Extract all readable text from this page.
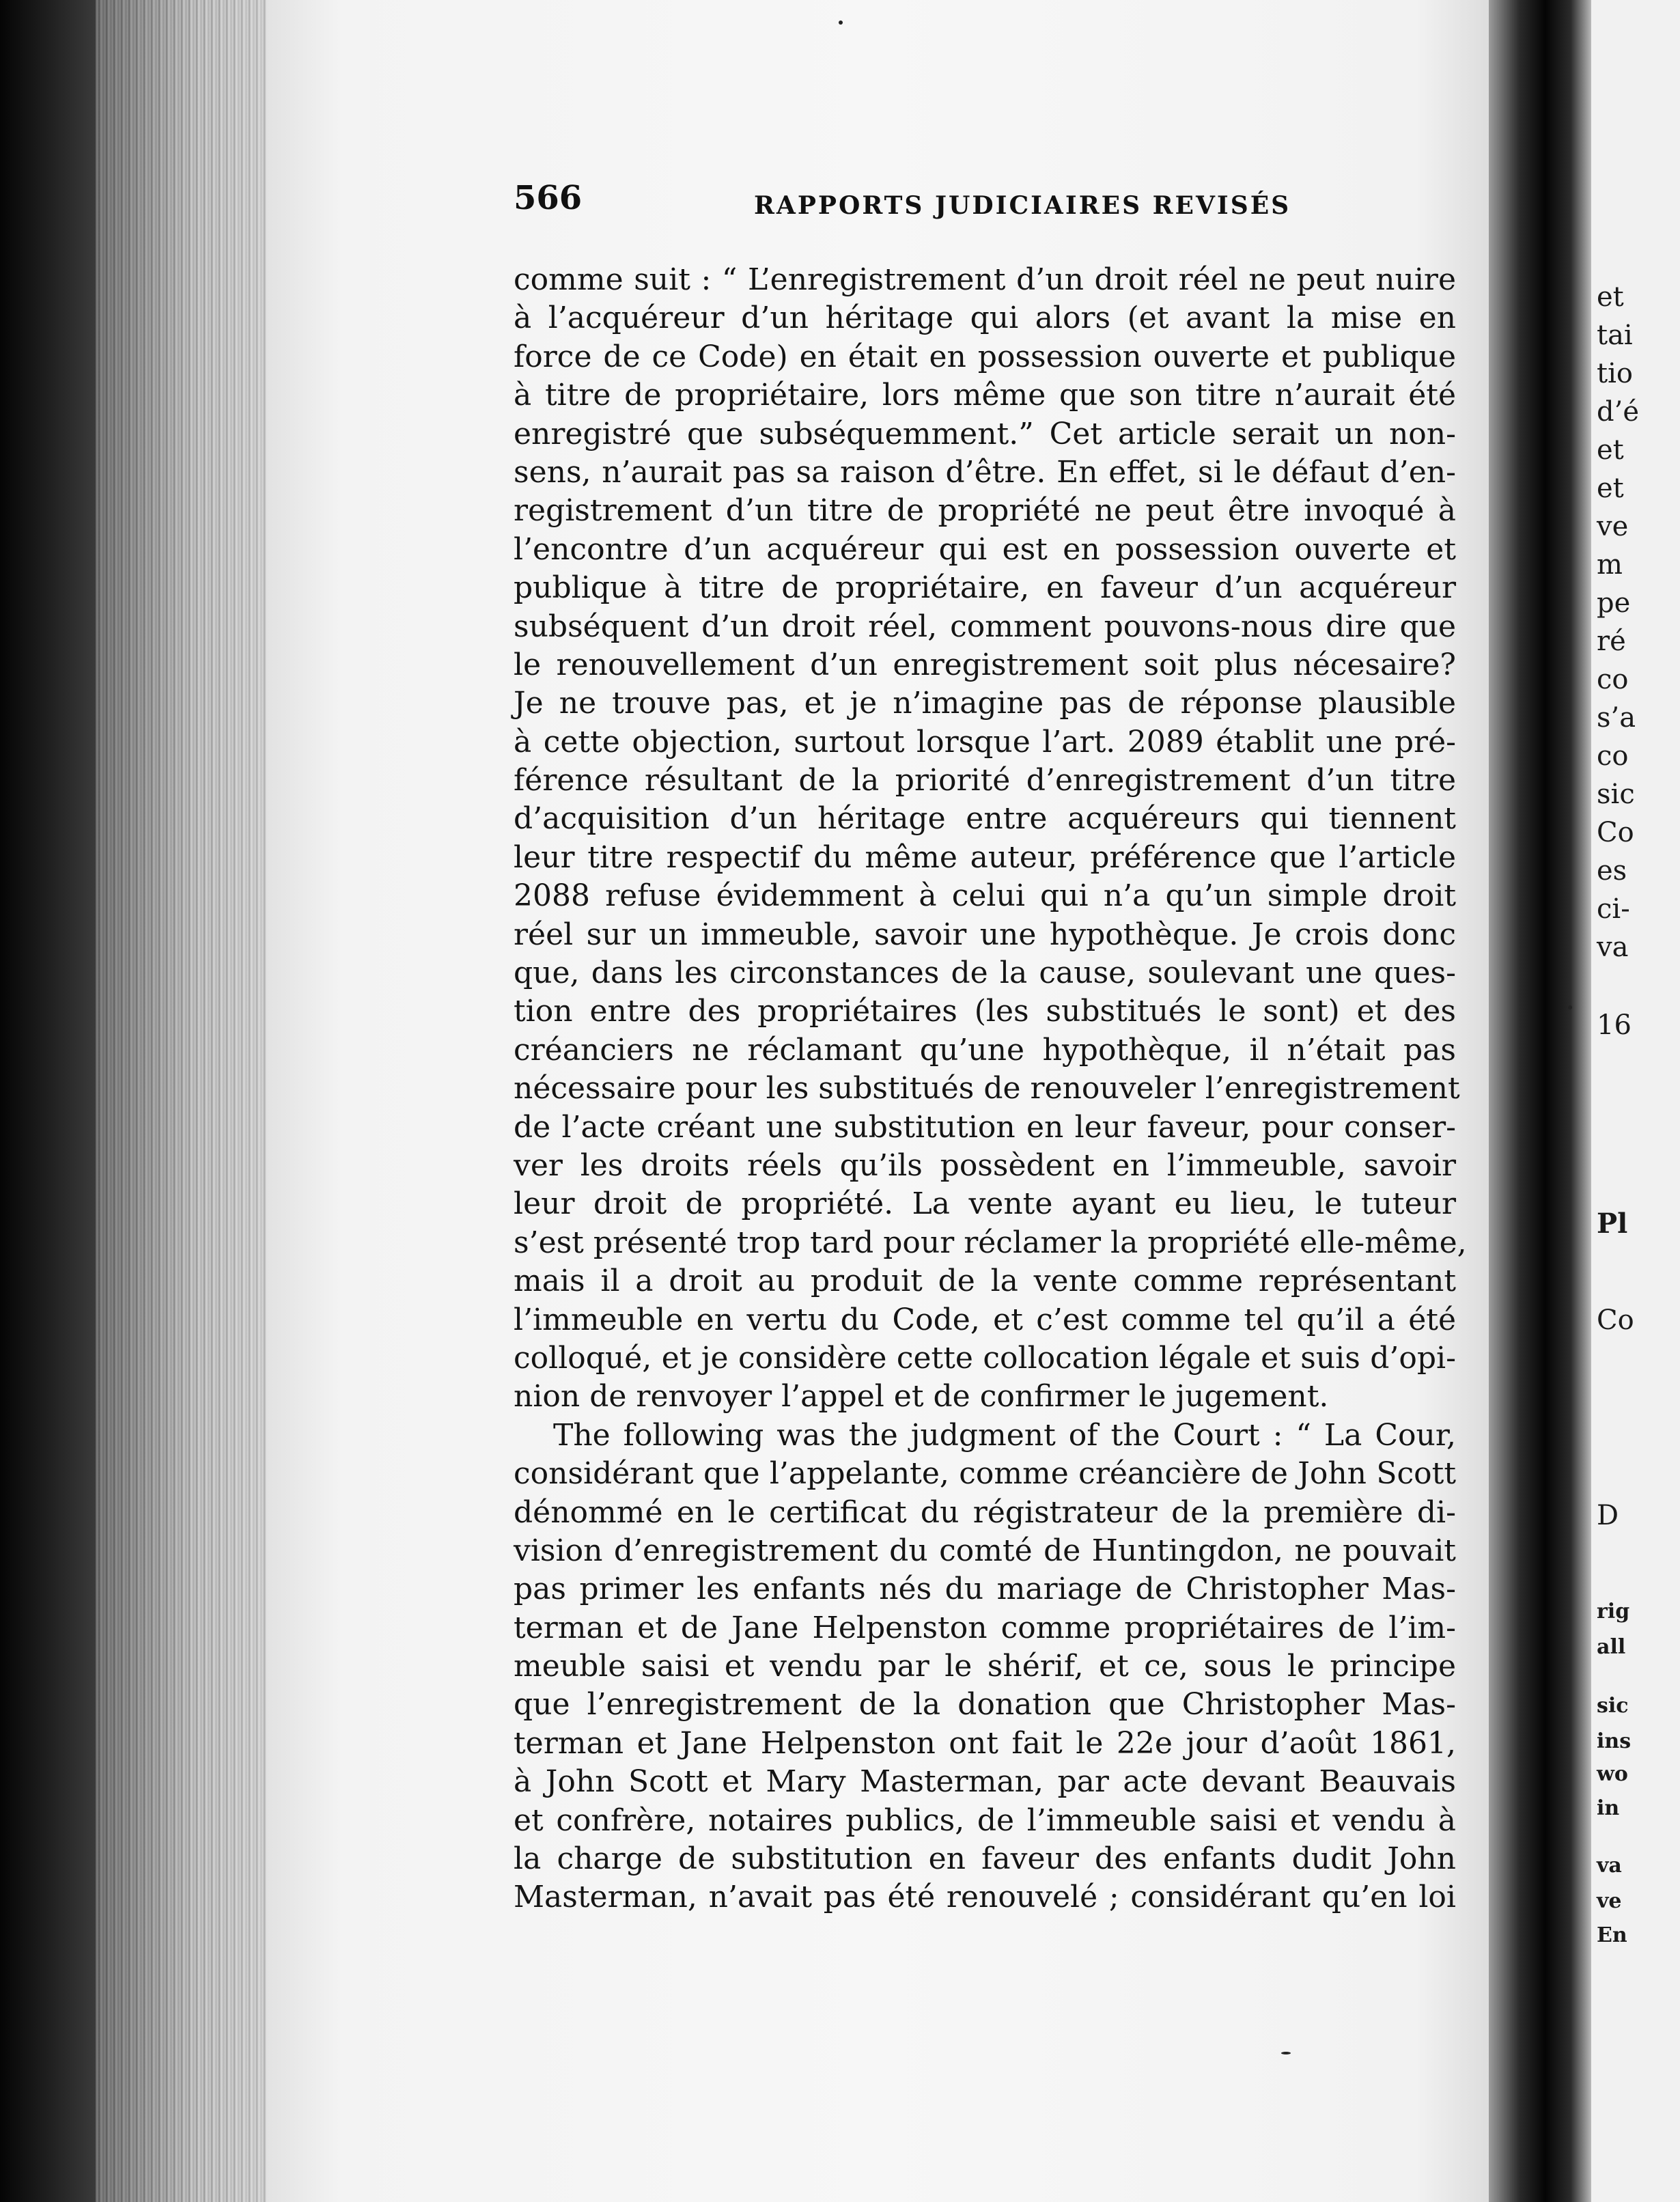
566	RAPPORTS JUDICIAIRES REVISÉS
comme suit : “ L’enregistrement d’un droit réel ne peut nuire
à l’acquéreur d’un héritage qui alors (et avant la mise en
force de ce Code) en était en possession ouverte et publique
à titre de propriétaire, lors même que son titre n’aurait été
enregistré que subséquemment.” Cet article serait un non-
sens, n’aurait pas sa raison d’être. En effet, si le défaut d’en-
registrement d’un titre de propriété ne peut être invoqué à
l’encontre d’un acquéreur qui est en possession ouverte et
publique à titre de propriétaire, en faveur d’un acquéreur
subséquent d’un droit réel, comment pouvons-nous dire que
le renouvellement d’un enregistrement soit plus nécesaire?
Je ne trouve pas, et je n’imagine pas de réponse plausible
à cette objection, surtout lorsque l’art. 2089 établit une pré-
férence résultant de la priorité d’enregistrement d’un titre
d’acquisition d’un héritage entre acquéreurs qui tiennent
leur titre respectif du même auteur, préférence que l’article
2088 refuse évidemment à celui qui n’a qu’un simple droit
réel sur un immeuble, savoir une hypothèque. Je crois donc
que, dans les circonstances de la cause, soulevant une ques-
tion entre des propriétaires (les substitués le sont) et des
créanciers ne réclamant qu’une hypothèque, il n’était pas
nécessaire pour les substitués de renouveler l’enregistrement
de l’acte créant une substitution en leur faveur, pour conser-
ver les droits réels qu’ils possèdent en l’immeuble, savoir
leur droit de propriété. La vente ayant eu lieu, le tuteur
s’est présenté trop tard pour réclamer la propriété elle-même,
mais il a droit au produit de la vente comme représentant
l’immeuble en vertu du Code, et c’est comme tel qu’il a été
colloqué, et je considère cette collocation légale et suis d’opi-
nion de renvoyer l’appel et de confirmer le jugement.
The following was the judgment of the Court : “ La Cour,
considérant que l’appelante, comme créancière de John Scott
dénommé en le certificat du régistrateur de la première di-
vision d’enregistrement du comté de Huntingdon, ne pouvait
pas primer les enfants nés du mariage de Christopher Mas-
terman et de Jane Helpenston comme propriétaires de l’im-
meuble saisi et vendu par le shérif, et ce, sous le principe
que l’enregistrement de la donation que Christopher Mas-
terman et Jane Helpenston ont fait le 22e jour d’août 1861,
à John Scott et Mary Masterman, par acte devant Beauvais
et confrère, notaires publics, de l’immeuble saisi et vendu à
la charge de substitution en faveur des enfants dudit John
Masterman, n’avait pas été renouvelé ; considérant qu’en loi
et
tai
tio
d’é
et
et
ve
m
pe
ré
co
s’a
co
sic
Co
es
ci-
va
16
Pl
Co
D
rig
all
sic
ins
wo
in
va
ve
En
